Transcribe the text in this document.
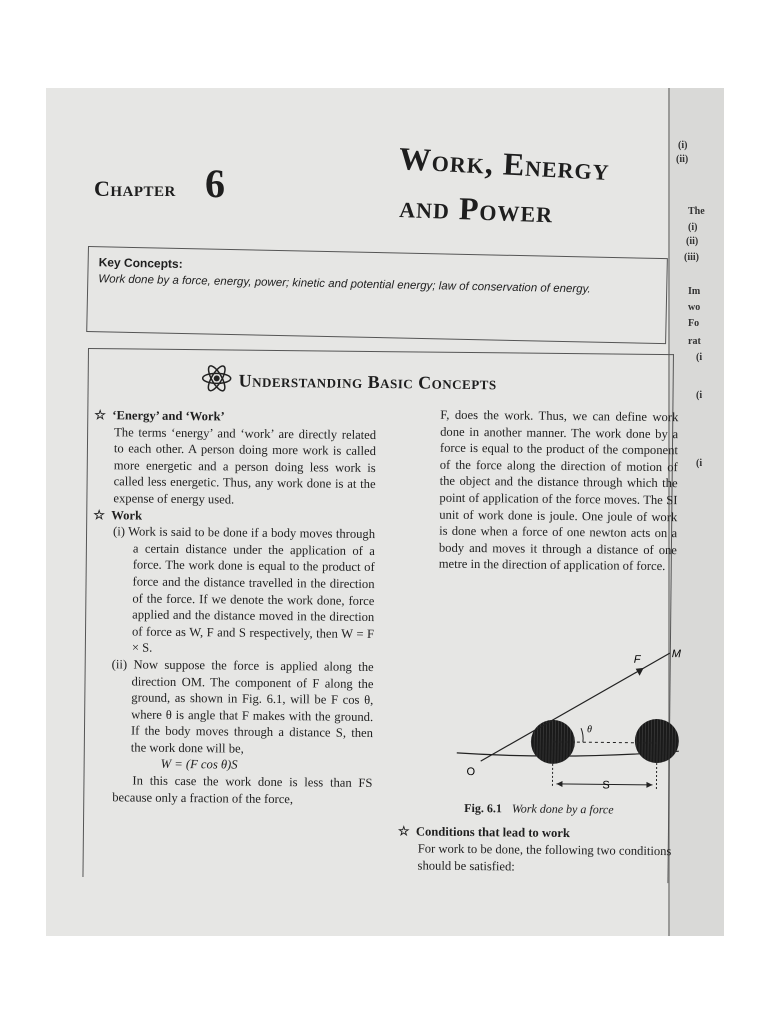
(i)
(ii)
The
(i)
(ii)
(iii)
Im
wo
Fo
rat
(i
(i
(i
Chapter 6	Work, Energy
and Power
Key Concepts:
Work done by a force, energy, power; kinetic and potential energy; law of conservation of energy.
Understanding Basic Concepts
☆ ‘Energy’ and ‘Work’
The terms ‘energy’ and ‘work’ are directly related to each other. A person doing more work is called more energetic and a person doing less work is called less energetic. Thus, any work done is at the expense of energy used.
☆ Work
(i) Work is said to be done if a body moves through a certain distance under the application of a force. The work done is equal to the product of force and the distance travelled in the direction of the force. If we denote the work done, force applied and the distance moved in the direction of force as W, F and S respectively, then W = F × S.
(ii) Now suppose the force is applied along the direction OM. The component of F along the ground, as shown in Fig. 6.1, will be F cos θ, where θ is angle that F makes with the ground. If the body moves through a distance S, then the work done will be,
W = (F cos θ)S
In this case the work done is less than FS because only a fraction of the force,
F, does the work. Thus, we can define work done in another manner. The work done by a force is equal to the product of the component of the force along the direction of motion of the object and the distance through which the point of application of the force moves. The SI unit of work done is joule. One joule of work is done when a force of one newton acts on a body and moves it through a distance of one metre in the direction of application of force.
F	M
θ
O
S
Fig. 6.1 Work done by a force
☆ Conditions that lead to work
For work to be done, the following two conditions should be satisfied:
